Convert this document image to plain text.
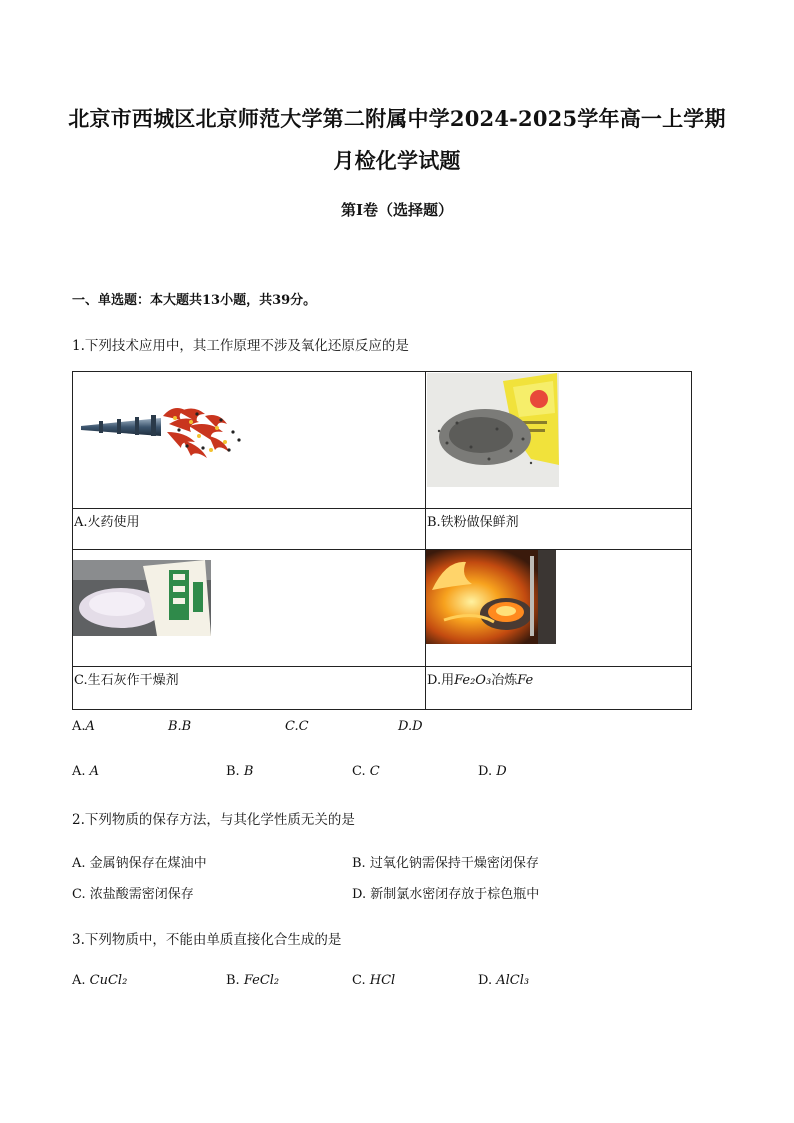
北京市西城区北京师范大学第二附属中学2024-2025学年高一上学期
月检化学试题
第I卷（选择题）
一、单选题：本大题共13小题，共39分。
1.下列技术应用中，其工作原理不涉及氧化还原反应的是

A.火药使用	B.铁粉做保鲜剂

C.生石灰作干燥剂	D.用Fe₂O₃冶炼Fe
A.A	B.B	C.C	D.D
A. A	B. B	C. C	D. D
2.下列物质的保存方法，与其化学性质无关的是
A. 金属钠保存在煤油中	B. 过氧化钠需保持干燥密闭保存
C. 浓盐酸需密闭保存	D. 新制氯水密闭存放于棕色瓶中
3.下列物质中，不能由单质直接化合生成的是
A. CuCl₂	B. FeCl₂	C. HCl	D. AlCl₃
